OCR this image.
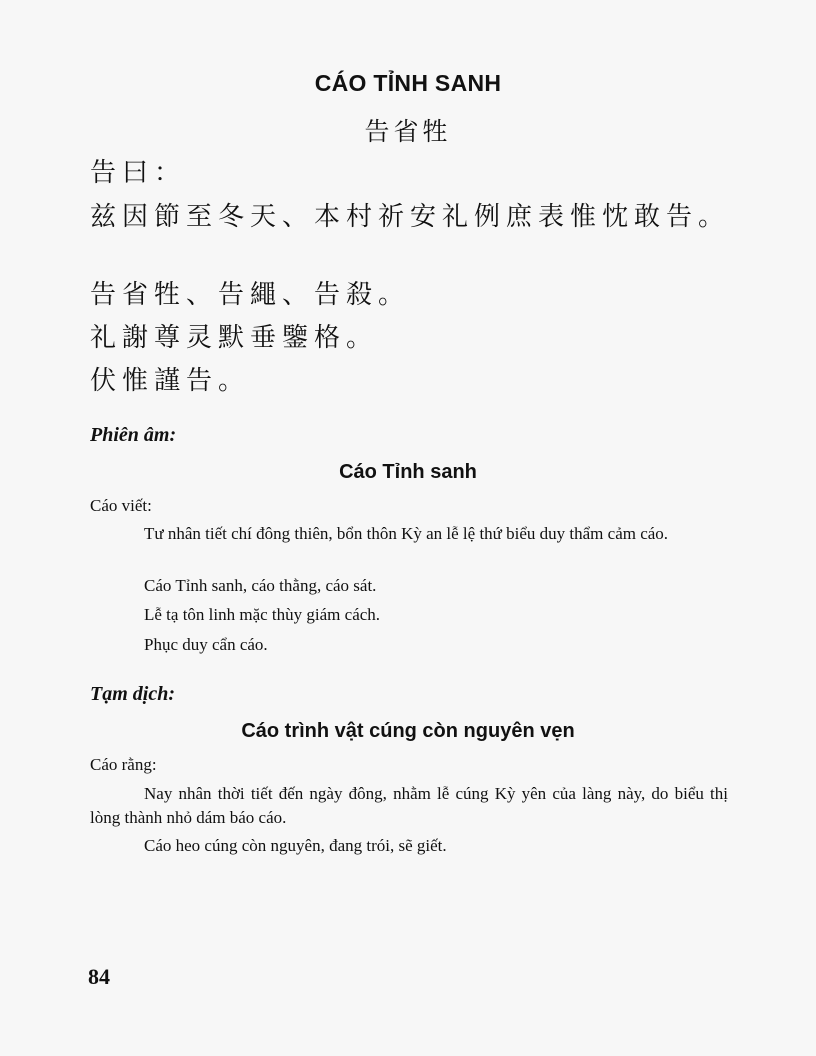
CÁO TỈNH SANH
告省牲
告曰：
兹因節至冬天、本村祈安礼例庶表惟忱敢告。
告省牲、告繩、告殺。
礼謝尊灵默垂鑒格。
伏惟謹告。
Phiên âm:
Cáo Tỉnh sanh
Cáo viết:
Tư nhân tiết chí đông thiên, bổn thôn Kỳ an lễ lệ thứ biểu duy thẩm cảm cáo.
Cáo Tỉnh sanh, cáo thằng, cáo sát.
Lễ tạ tôn linh mặc thùy giám cách.
Phục duy cẩn cáo.
Tạm dịch:
Cáo trình vật cúng còn nguyên vẹn
Cáo rằng:
Nay nhân thời tiết đến ngày đông, nhằm lễ cúng Kỳ yên của làng này, do biểu thị lòng thành nhỏ dám báo cáo.
Cáo heo cúng còn nguyên, đang trói, sẽ giết.
84
